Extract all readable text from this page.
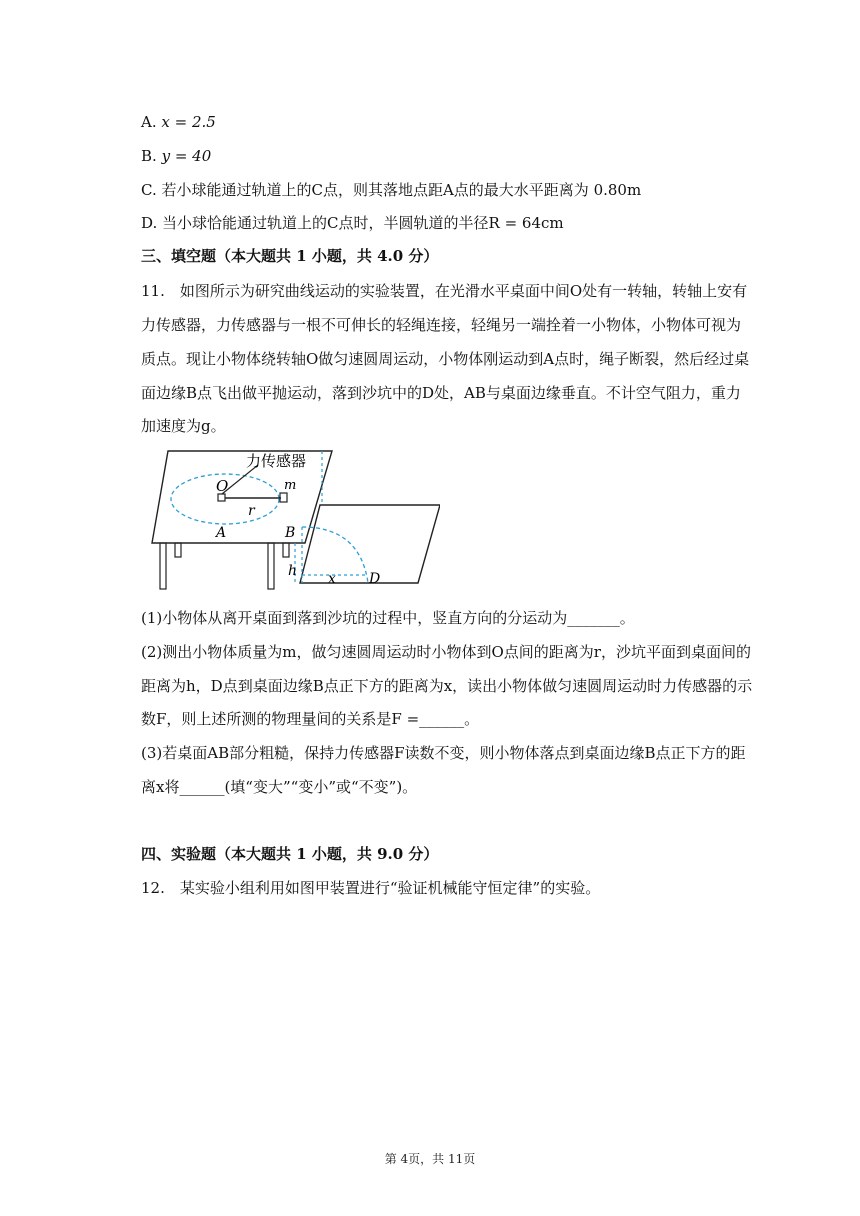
A. x = 2.5
B. y = 40
C. 若小球能通过轨道上的C点，则其落地点距A点的最大水平距离为 0.80m
D. 当小球恰能通过轨道上的C点时，半圆轨道的半径R = 64cm
三、填空题（本大题共 1 小题，共 4.0 分）
11.　如图所示为研究曲线运动的实验装置，在光滑水平桌面中间O处有一转轴，转轴上安有
力传感器，力传感器与一根不可伸长的轻绳连接，轻绳另一端拴着一小物体，小物体可视为
质点。现让小物体绕转轴O做匀速圆周运动，小物体刚运动到A点时，绳子断裂，然后经过桌
面边缘B点飞出做平抛运动，落到沙坑中的D处，AB与桌面边缘垂直。不计空气阻力，重力
加速度为g。
力传感器
O	m
r
A	B
h x D
(1)小物体从离开桌面到落到沙坑的过程中，竖直方向的分运动为_______。
(2)测出小物体质量为m，做匀速圆周运动时小物体到O点间的距离为r，沙坑平面到桌面间的
距离为h，D点到桌面边缘B点正下方的距离为x，读出小物体做匀速圆周运动时力传感器的示
数F，则上述所测的物理量间的关系是F =______。
(3)若桌面AB部分粗糙，保持力传感器F读数不变，则小物体落点到桌面边缘B点正下方的距
离x将______(填“变大”“变小”或“不变”)。
四、实验题（本大题共 1 小题，共 9.0 分）
12.　某实验小组利用如图甲装置进行“验证机械能守恒定律”的实验。
第 4页，共 11页
